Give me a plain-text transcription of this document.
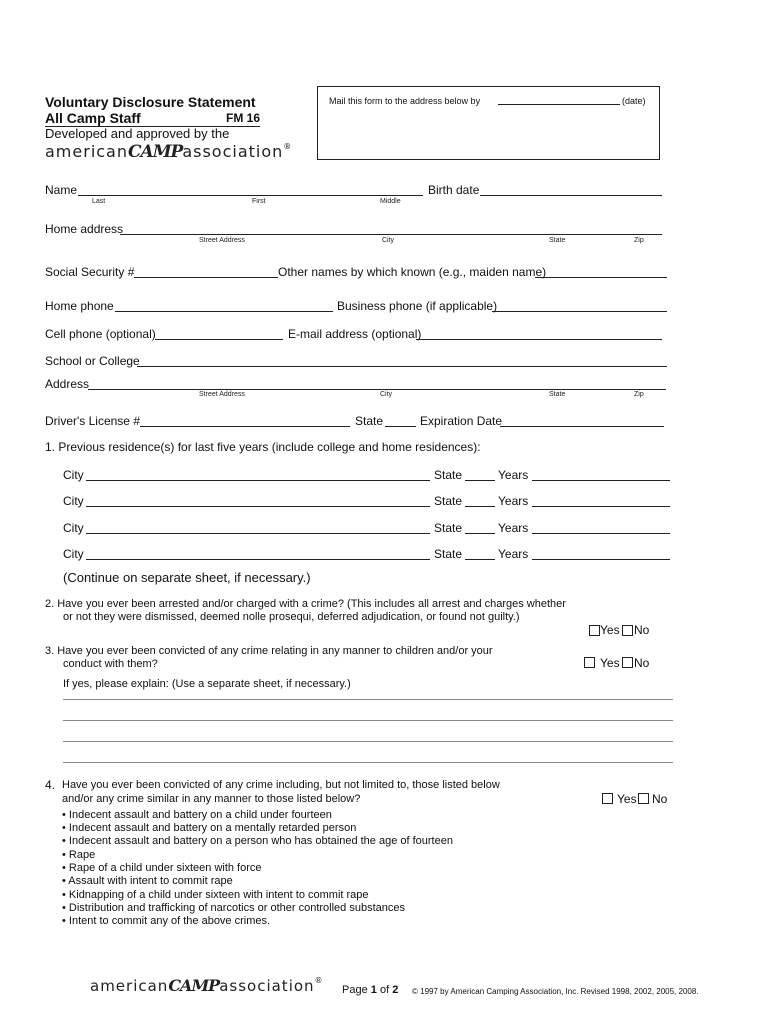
Voluntary Disclosure Statement
All Camp Staff	FM 16
Developed and approved by the
americanCAMPassociation®
Mail this form to the address below by	(date)
Name
Last	First	Middle
Birth date
Home address
Street Address	City	State	Zip
Social Security #	Other names by which known (e.g., maiden name)
Home phone	Business phone (if applicable)
Cell phone (optional)	E-mail address (optional)
School or College
Address
Street Address	City	State	Zip
Driver's License #	State	Expiration Date
1. Previous residence(s) for last five years (include college and home residences):
City	State	Years
City	State	Years
City	State	Years
City	State	Years
(Continue on separate sheet, if necessary.)
2. Have you ever been arrested and/or charged with a crime? (This includes all arrest and charges whether
or not they were dismissed, deemed nolle prosequi, deferred adjudication, or found not guilty.)
Yes No
3. Have you ever been convicted of any crime relating in any manner to children and/or your
conduct with them?	Yes No
If yes, please explain: (Use a separate sheet, if necessary.)
4. Have you ever been convicted of any crime including, but not limited to, those listed below
and/or any crime similar in any manner to those listed below?	Yes No
• Indecent assault and battery on a child under fourteen
• Indecent assault and battery on a mentally retarded person
• Indecent assault and battery on a person who has obtained the age of fourteen
• Rape
• Rape of a child under sixteen with force
• Assault with intent to commit rape
• Kidnapping of a child under sixteen with intent to commit rape
• Distribution and trafficking of narcotics or other controlled substances
• Intent to commit any of the above crimes.
americanCAMPassociation®
Page 1 of 2 © 1997 by American Camping Association, Inc. Revised 1998, 2002, 2005, 2008.
